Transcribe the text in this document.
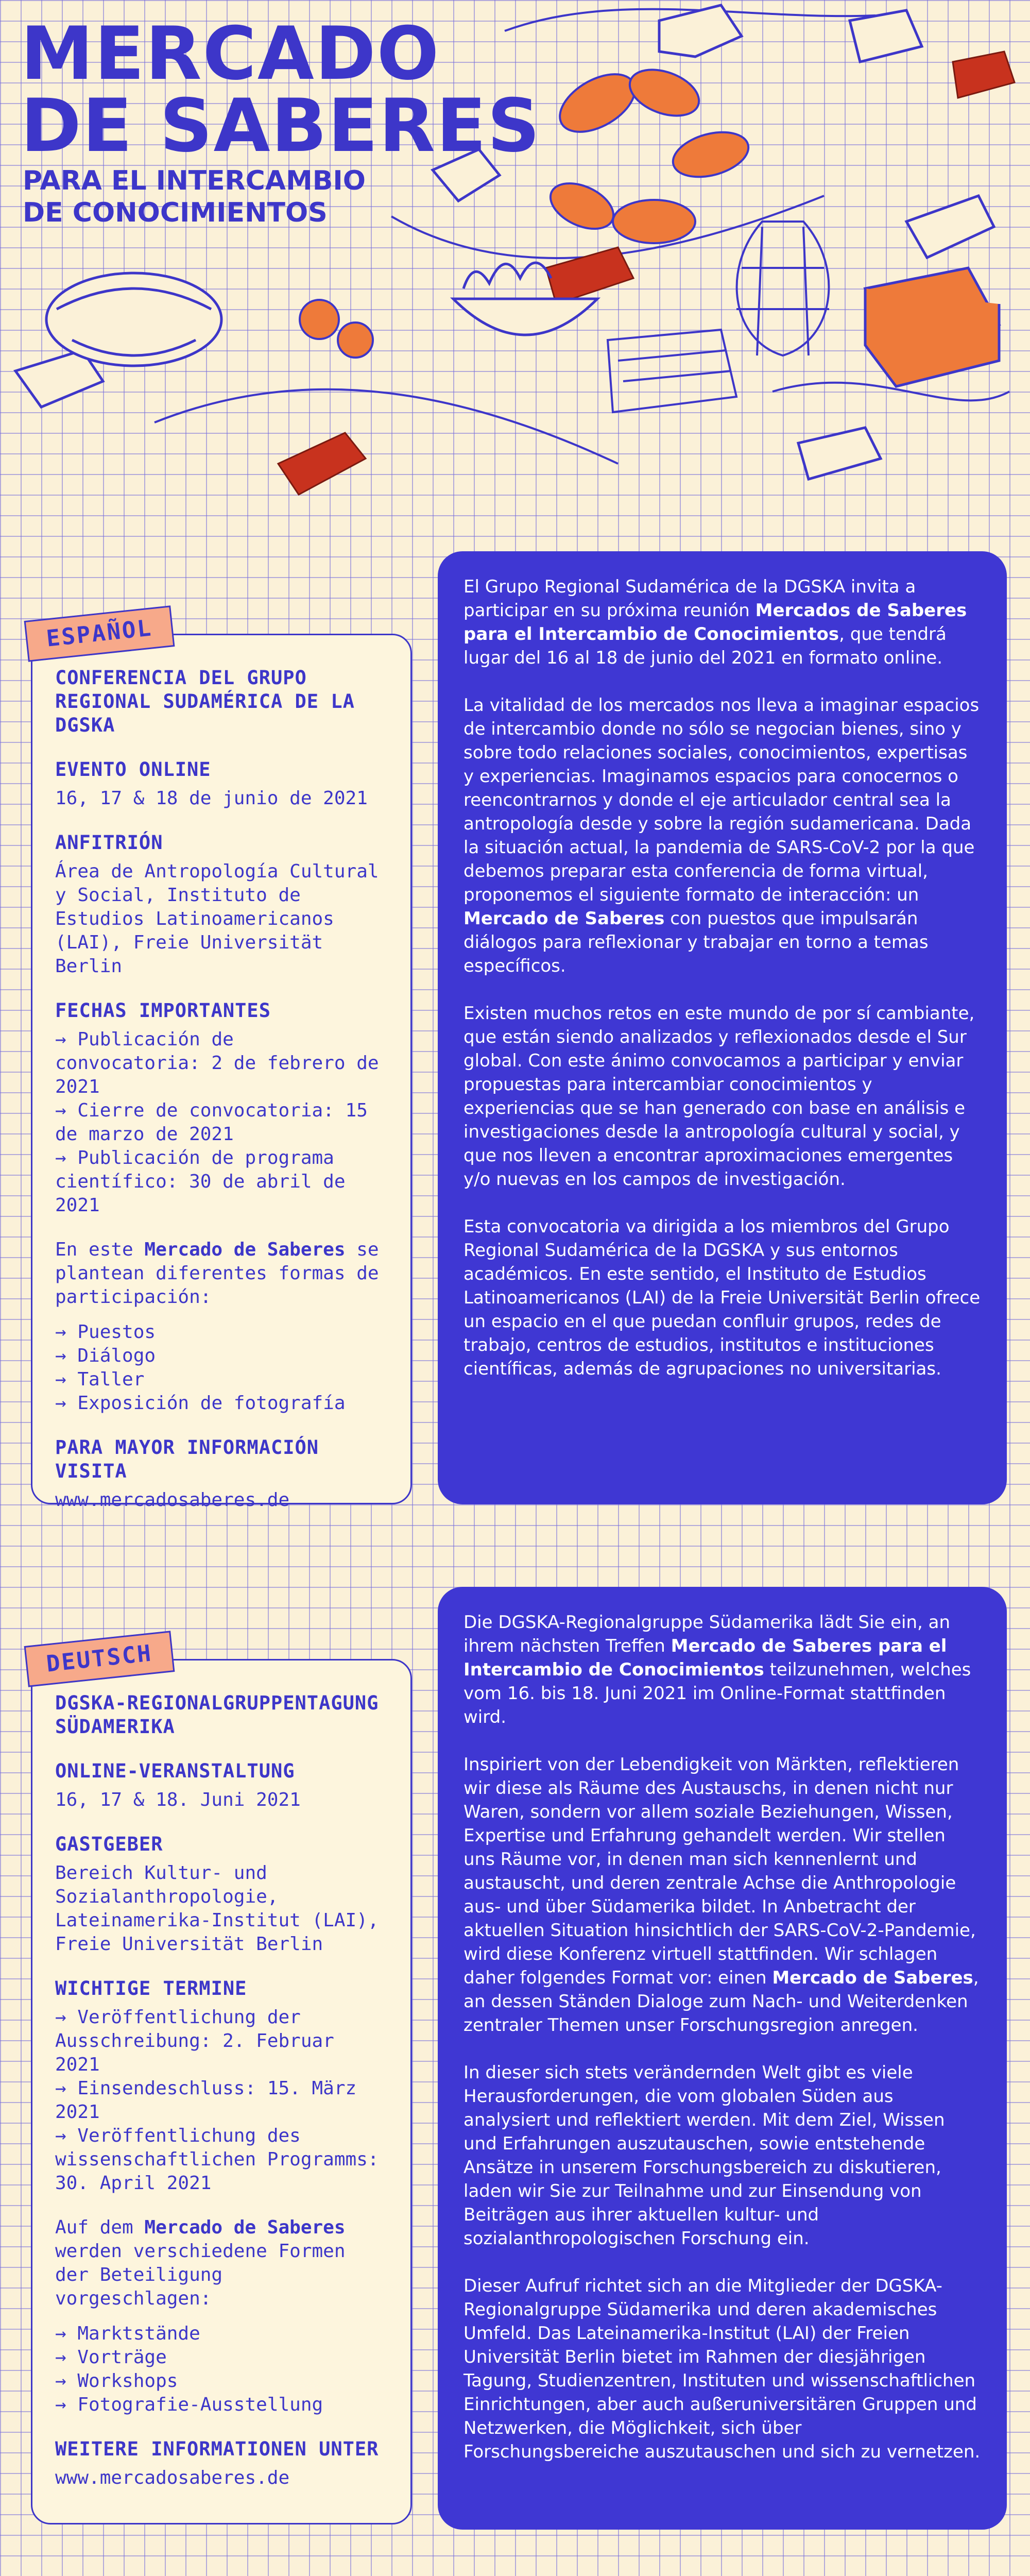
MERCADO
DE SABERES
PARA EL INTERCAMBIO
DE CONOCIMIENTOS
ESPAÑOL
CONFERENCIA DEL GRUPO REGIONAL SUDAMÉRICA DE LA DGSKA
EVENTO ONLINE

16, 17 & 18 de junio de 2021

ANFITRIÓN

Área de Antropología Cultural y Social, Instituto de Estudios Latinoamericanos (LAI), Freie Universität Berlin

FECHAS IMPORTANTES
→ Publicación de convocatoria: 2 de febrero de 2021
→ Cierre de convocatoria: 15 de marzo de 2021
→ Publicación de programa científico: 30 de abril de 2021

En este Mercado de Saberes se plantean diferentes formas de participación:

→ Puestos
→ Diálogo
→ Taller
→ Exposición de fotografía
PARA MAYOR INFORMACIÓN VISITA

www.mercadosaberes.de

El Grupo Regional Sudamérica de la DGSKA invita a participar en su próxima reunión Mercados de Saberes para el Intercambio de Conocimientos, que tendrá lugar del 16 al 18 de junio del 2021 en formato online.

La vitalidad de los mercados nos lleva a imaginar espacios de intercambio donde no sólo se negocian bienes, sino y sobre todo relaciones sociales, conocimientos, expertisas y experiencias. Imaginamos espacios para conocernos o reencontrarnos y donde el eje articulador central sea la antropología desde y sobre la región sudamericana. Dada la situación actual, la pandemia de SARS-CoV-2 por la que debemos preparar esta conferencia de forma virtual, proponemos el siguiente formato de interacción: un Mercado de Saberes con puestos que impulsarán diálogos para reflexionar y trabajar en torno a temas específicos.

Existen muchos retos en este mundo de por sí cambiante, que están siendo analizados y reflexionados desde el Sur global. Con este ánimo convocamos a participar y enviar propuestas para intercambiar conocimientos y experiencias que se han generado con base en análisis e investigaciones desde la antropología cultural y social, y que nos lleven a encontrar aproximaciones emergentes y/o nuevas en los campos de investigación.

Esta convocatoria va dirigida a los miembros del Grupo Regional Sudamérica de la DGSKA y sus entornos académicos. En este sentido, el Instituto de Estudios Latinoamericanos (LAI) de la Freie Universität Berlin ofrece un espacio en el que puedan confluir grupos, redes de trabajo, centros de estudios, institutos e instituciones científicas, además de agrupaciones no universitarias.

DEUTSCH
DGSKA-REGIONALGRUPPENTAGUNG SÜDAMERIKA
ONLINE-VERANSTALTUNG

16, 17 & 18. Juni 2021

GASTGEBER

Bereich Kultur- und Sozialanthropologie, Lateinamerika-Institut (LAI), Freie Universität Berlin

WICHTIGE TERMINE
→ Veröffentlichung der Ausschreibung: 2. Februar 2021
→ Einsendeschluss: 15. März 2021
→ Veröffentlichung des wissenschaftlichen Programms: 30. April 2021

Auf dem Mercado de Saberes werden verschiedene Formen der Beteiligung vorgeschlagen:

→ Marktstände
→ Vorträge
→ Workshops
→ Fotografie-Ausstellung
WEITERE INFORMATIONEN UNTER

www.mercadosaberes.de

Die DGSKA-Regionalgruppe Südamerika lädt Sie ein, an ihrem nächsten Treffen Mercado de Saberes para el Intercambio de Conocimientos teilzunehmen, welches vom 16. bis 18. Juni 2021 im Online-Format stattfinden wird.

Inspiriert von der Lebendigkeit von Märkten, reflektieren wir diese als Räume des Austauschs, in denen nicht nur Waren, sondern vor allem soziale Beziehungen, Wissen, Expertise und Erfahrung gehandelt werden. Wir stellen uns Räume vor, in denen man sich kennenlernt und austauscht, und deren zentrale Achse die Anthropologie aus- und über Südamerika bildet. In Anbetracht der aktuellen Situation hinsichtlich der SARS-CoV-2-Pandemie, wird diese Konferenz virtuell stattfinden. Wir schlagen daher folgendes Format vor: einen Mercado de Saberes, an dessen Ständen Dialoge zum Nach- und Weiterdenken zentraler Themen unser Forschungsregion anregen.

In dieser sich stets verändernden Welt gibt es viele Herausforderungen, die vom globalen Süden aus analysiert und reflektiert werden. Mit dem Ziel, Wissen und Erfahrungen auszutauschen, sowie entstehende Ansätze in unserem Forschungsbereich zu diskutieren, laden wir Sie zur Teilnahme und zur Einsendung von Beiträgen aus ihrer aktuellen kultur- und sozialanthropologischen Forschung ein.

Dieser Aufruf richtet sich an die Mitglieder der DGSKA-Regionalgruppe Südamerika und deren akademisches Umfeld. Das Lateinamerika-Institut (LAI) der Freien Universität Berlin bietet im Rahmen der diesjährigen Tagung, Studienzentren, Instituten und wissenschaftlichen Einrichtungen, aber auch außeruniversitären Gruppen und Netzwerken, die Möglichkeit, sich über Forschungsbereiche auszutauschen und sich zu vernetzen.
